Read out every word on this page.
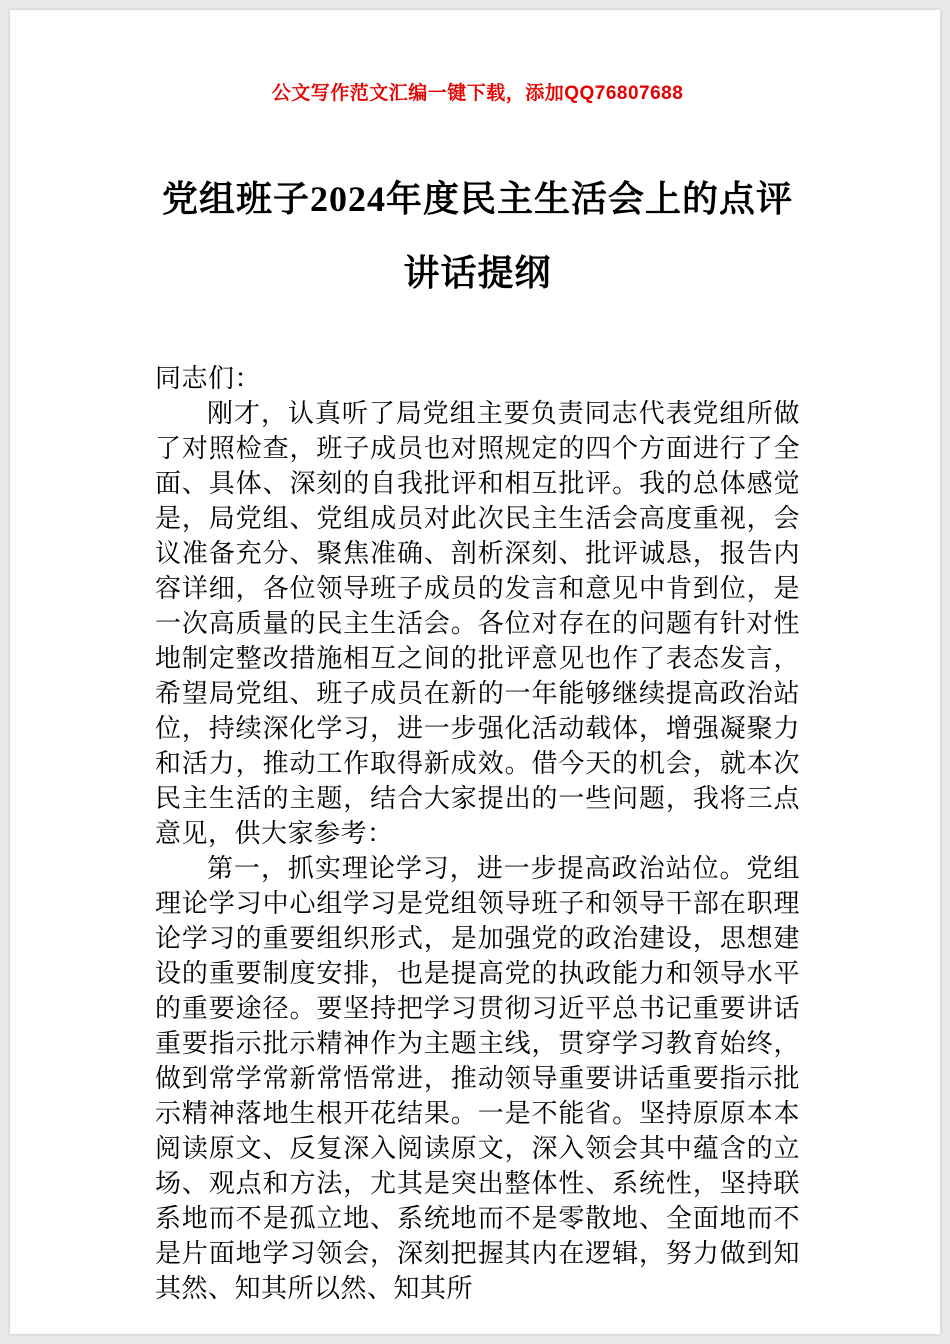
公文写作范文汇编一键下载，添加QQ76807688
党组班子2024年度民主生活会上的点评讲话提纲

同志们：

刚才，认真听了局党组主要负责同志代表党组所做了对照检查，班子成员也对照规定的四个方面进行了全面、具体、深刻的自我批评和相互批评。我的总体感觉是，局党组、党组成员对此次民主生活会高度重视，会议准备充分、聚焦准确、剖析深刻、批评诚恳，报告内容详细，各位领导班子成员的发言和意见中肯到位，是一次高质量的民主生活会。各位对存在的问题有针对性地制定整改措施相互之间的批评意见也作了表态发言，希望局党组、班子成员在新的一年能够继续提高政治站位，持续深化学习，进一步强化活动载体，增强凝聚力和活力，推动工作取得新成效。借今天的机会，就本次民主生活的主题，结合大家提出的一些问题，我将三点意见，供大家参考：

第一，抓实理论学习，进一步提高政治站位。党组理论学习中心组学习是党组领导班子和领导干部在职理论学习的重要组织形式，是加强党的政治建设，思想建设的重要制度安排，也是提高党的执政能力和领导水平的重要途径。要坚持把学习贯彻习近平总书记重要讲话重要指示批示精神作为主题主线，贯穿学习教育始终，做到常学常新常悟常进，推动领导重要讲话重要指示批示精神落地生根开花结果。一是不能省。坚持原原本本阅读原文、反复深入阅读原文，深入领会其中蕴含的立场、观点和方法，尤其是突出整体性、系统性，坚持联系地而不是孤立地、系统地而不是零散地、全面地而不是片面地学习领会，深刻把握其内在逻辑，努力做到知其然、知其所以然、知其所
